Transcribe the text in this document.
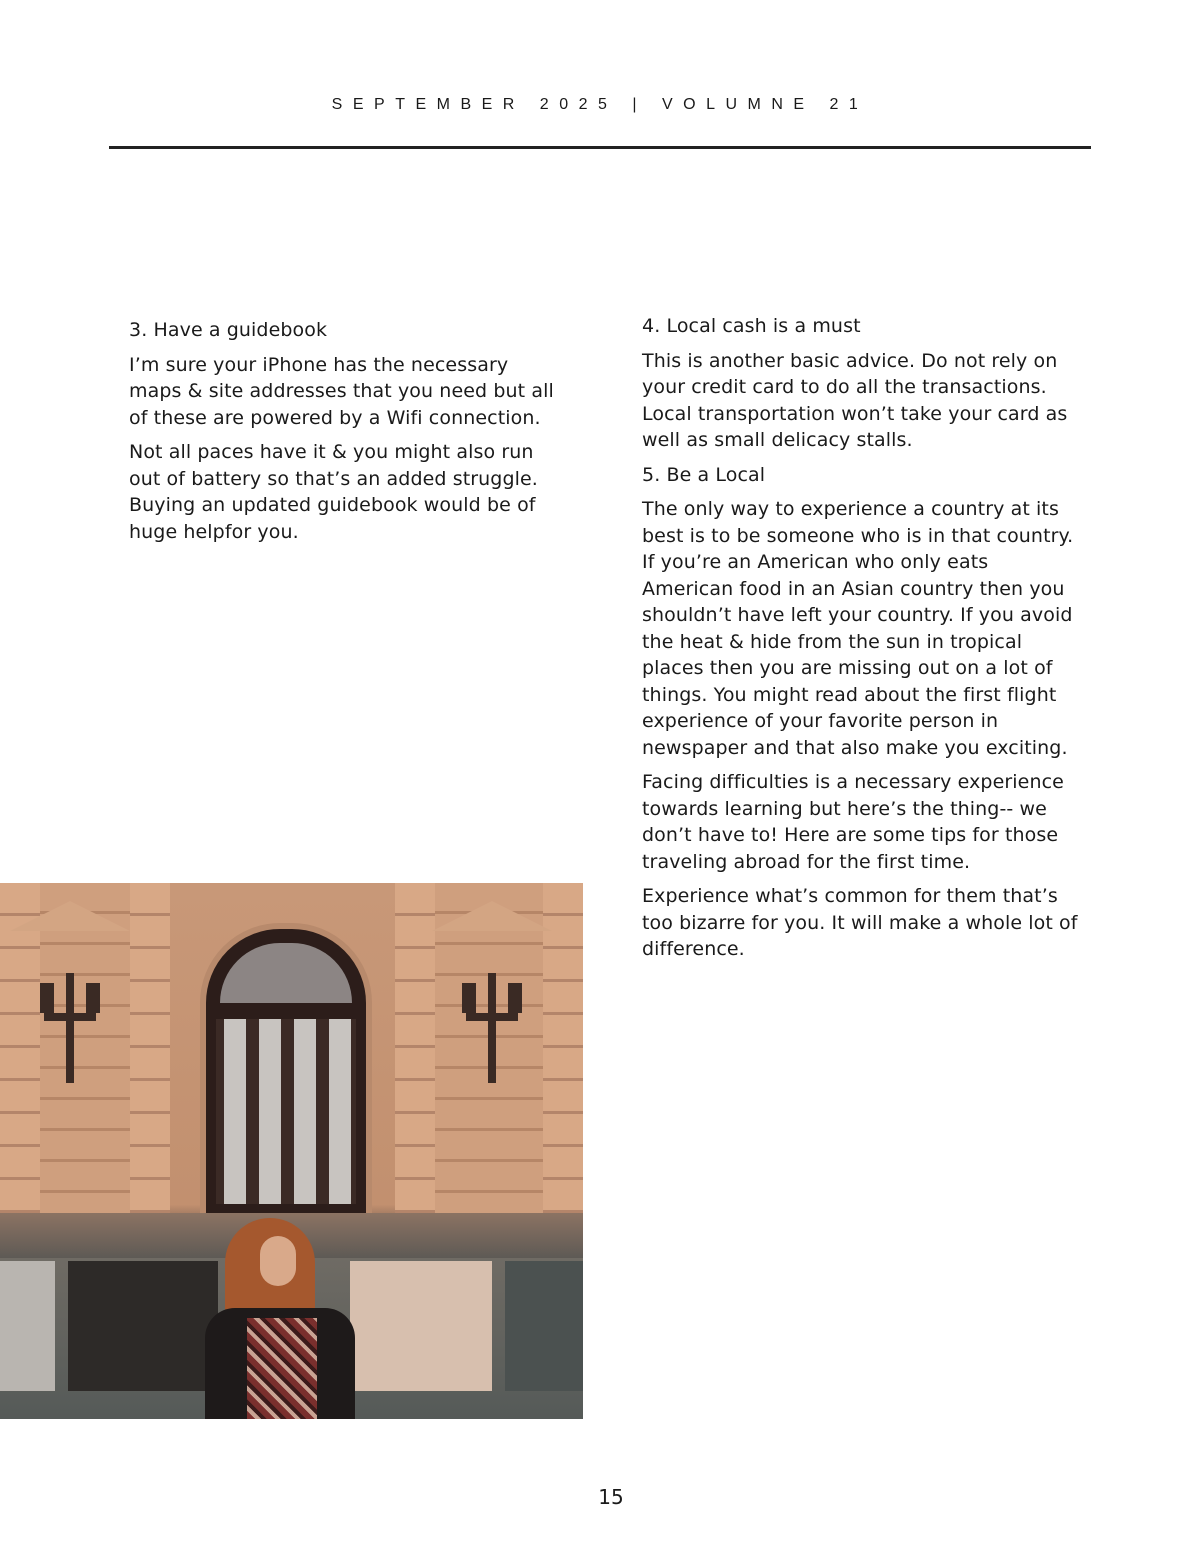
SEPTEMBER 2025 | VOLUMNE 21
3. Have a guidebook
I’m sure your iPhone has the necessary
maps & site addresses that you need but all
of these are powered by a Wifi connection.
Not all paces have it & you might also run
out of battery so that’s an added struggle.
Buying an updated guidebook would be of
huge helpfor you.
4. Local cash is a must
This is another basic advice. Do not rely on
your credit card to do all the transactions.
Local transportation won’t take your card as
well as small delicacy stalls.
5. Be a Local
The only way to experience a country at its
best is to be someone who is in that country.
If you’re an American who only eats
American food in an Asian country then you
shouldn’t have left your country. If you avoid
the heat & hide from the sun in tropical
places then you are missing out on a lot of
things. You might read about the first flight
experience of your favorite person in
newspaper and that also make you exciting.
Facing difficulties is a necessary experience
towards learning but here’s the thing-- we
don’t have to! Here are some tips for those
traveling abroad for the first time.
Experience what’s common for them that’s
too bizarre for you. It will make a whole lot of
difference.
15
